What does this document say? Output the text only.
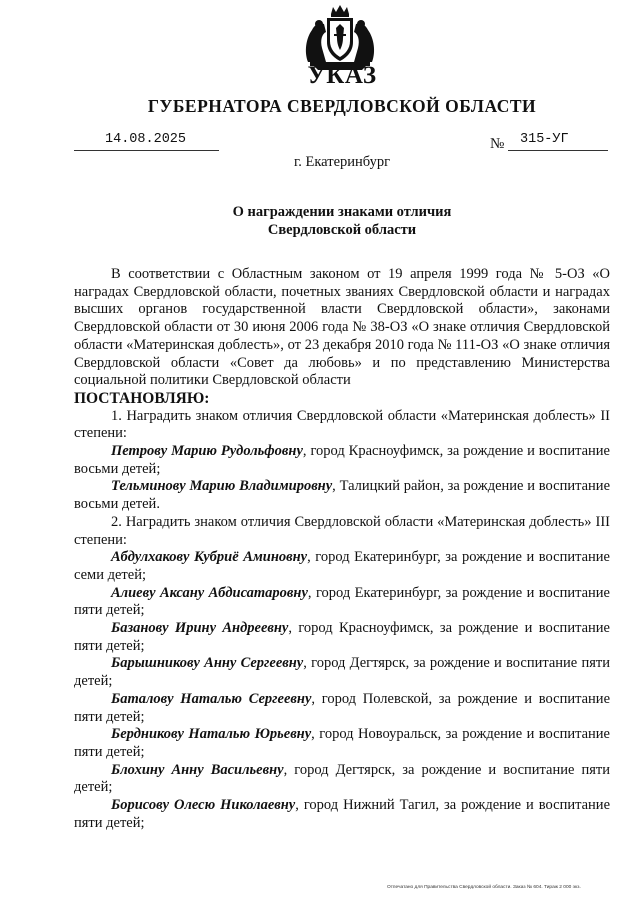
УКАЗ
ГУБЕРНАТОРА СВЕРДЛОВСКОЙ ОБЛАСТИ
14.08.2025	№ 315-УГ
г. Екатеринбург
О награждении знаками отличия
Свердловской области

В соответствии с Областным законом от 19 апреля 1999 года № 5-ОЗ «О наградах Свердловской области, почетных званиях Свердловской области и наградах высших органов государственной власти Свердловской области», законами Свердловской области от 30 июня 2006 года № 38-ОЗ «О знаке отличия Свердловской области «Материнская доблесть», от 23 декабря 2010 года № 111-ОЗ «О знаке отличия Свердловской области «Совет да любовь» и по представлению Министерства социальной политики Свердловской области

ПОСТАНОВЛЯЮ:

1. Наградить знаком отличия Свердловской области «Материнская доблесть» II степени:

Петрову Марию Рудольфовну, город Красноуфимск, за рождение и воспитание восьми детей;

Тельминову Марию Владимировну, Талицкий район, за рождение и воспитание восьми детей.

2. Наградить знаком отличия Свердловской области «Материнская доблесть» III степени:

Абдулхакову Кубриё Аминовну, город Екатеринбург, за рождение и воспитание семи детей;

Алиеву Аксану Абдисатаровну, город Екатеринбург, за рождение и воспитание пяти детей;

Базанову Ирину Андреевну, город Красноуфимск, за рождение и воспитание пяти детей;

Барышникову Анну Сергеевну, город Дегтярск, за рождение и воспитание пяти детей;

Баталову Наталью Сергеевну, город Полевской, за рождение и воспитание пяти детей;

Бердникову Наталью Юрьевну, город Новоуральск, за рождение и воспитание пяти детей;

Блохину Анну Васильевну, город Дегтярск, за рождение и воспитание пяти детей;

Борисову Олесю Николаевну, город Нижний Тагил, за рождение и воспитание пяти детей;

Отпечатано для Правительства Свердловской области. Заказ № 604. Тираж 2 000 экз.
